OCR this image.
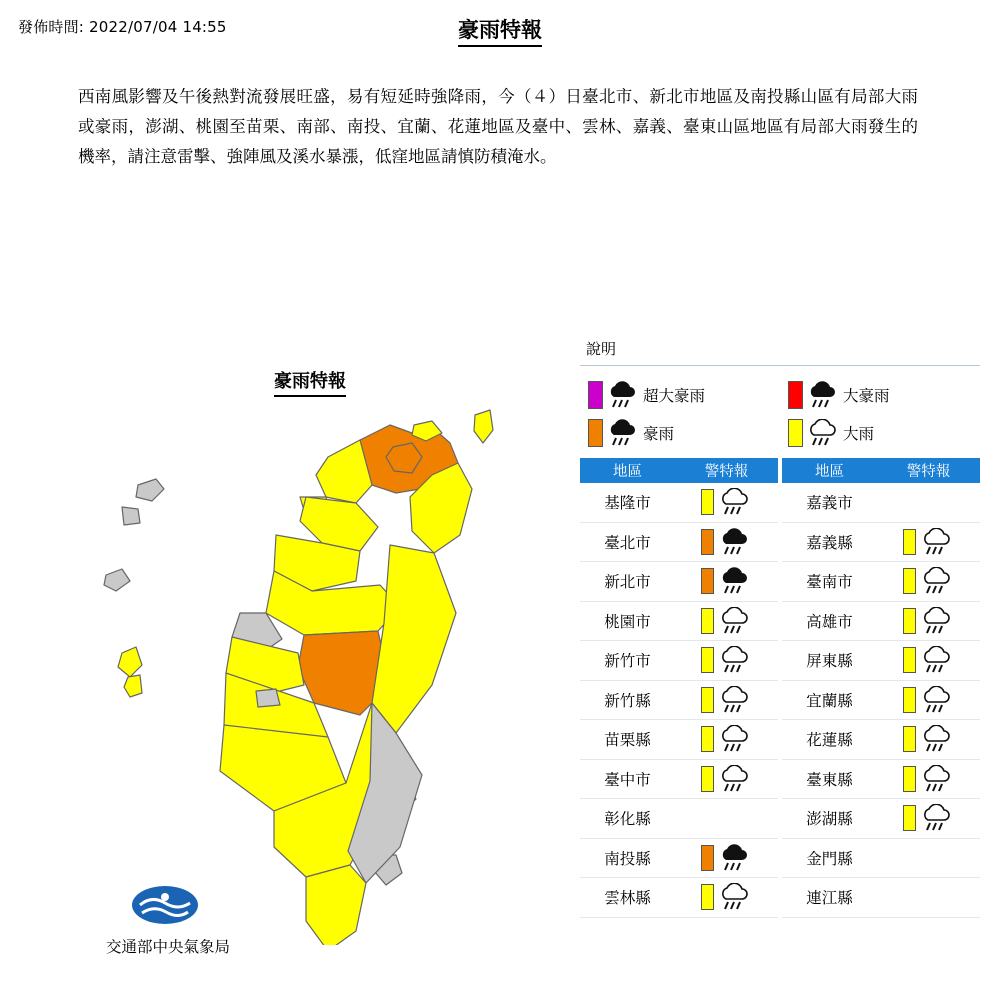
發佈時間: 2022/07/04 14:55	豪雨特報

西南風影響及午後熱對流發展旺盛，易有短延時強降雨，今（４）日臺北市、新北市地區及南投縣山區有局部大雨或豪雨，澎湖、桃園至苗栗、南部、南投、宜蘭、花蓮地區及臺中、雲林、嘉義、臺東山區地區有局部大雨發生的機率，請注意雷擊、強陣風及溪水暴漲，低窪地區請慎防積淹水。

豪雨特報
交通部中央氣象局
說明
超大豪雨	大豪雨
豪雨	大雨
地區	警特報
基隆市
臺北市
新北市
桃園市
新竹市
新竹縣
苗栗縣
臺中市
彰化縣
南投縣
雲林縣
地區	警特報
嘉義市
嘉義縣
臺南市
高雄市
屏東縣
宜蘭縣
花蓮縣
臺東縣
澎湖縣
金門縣
連江縣
